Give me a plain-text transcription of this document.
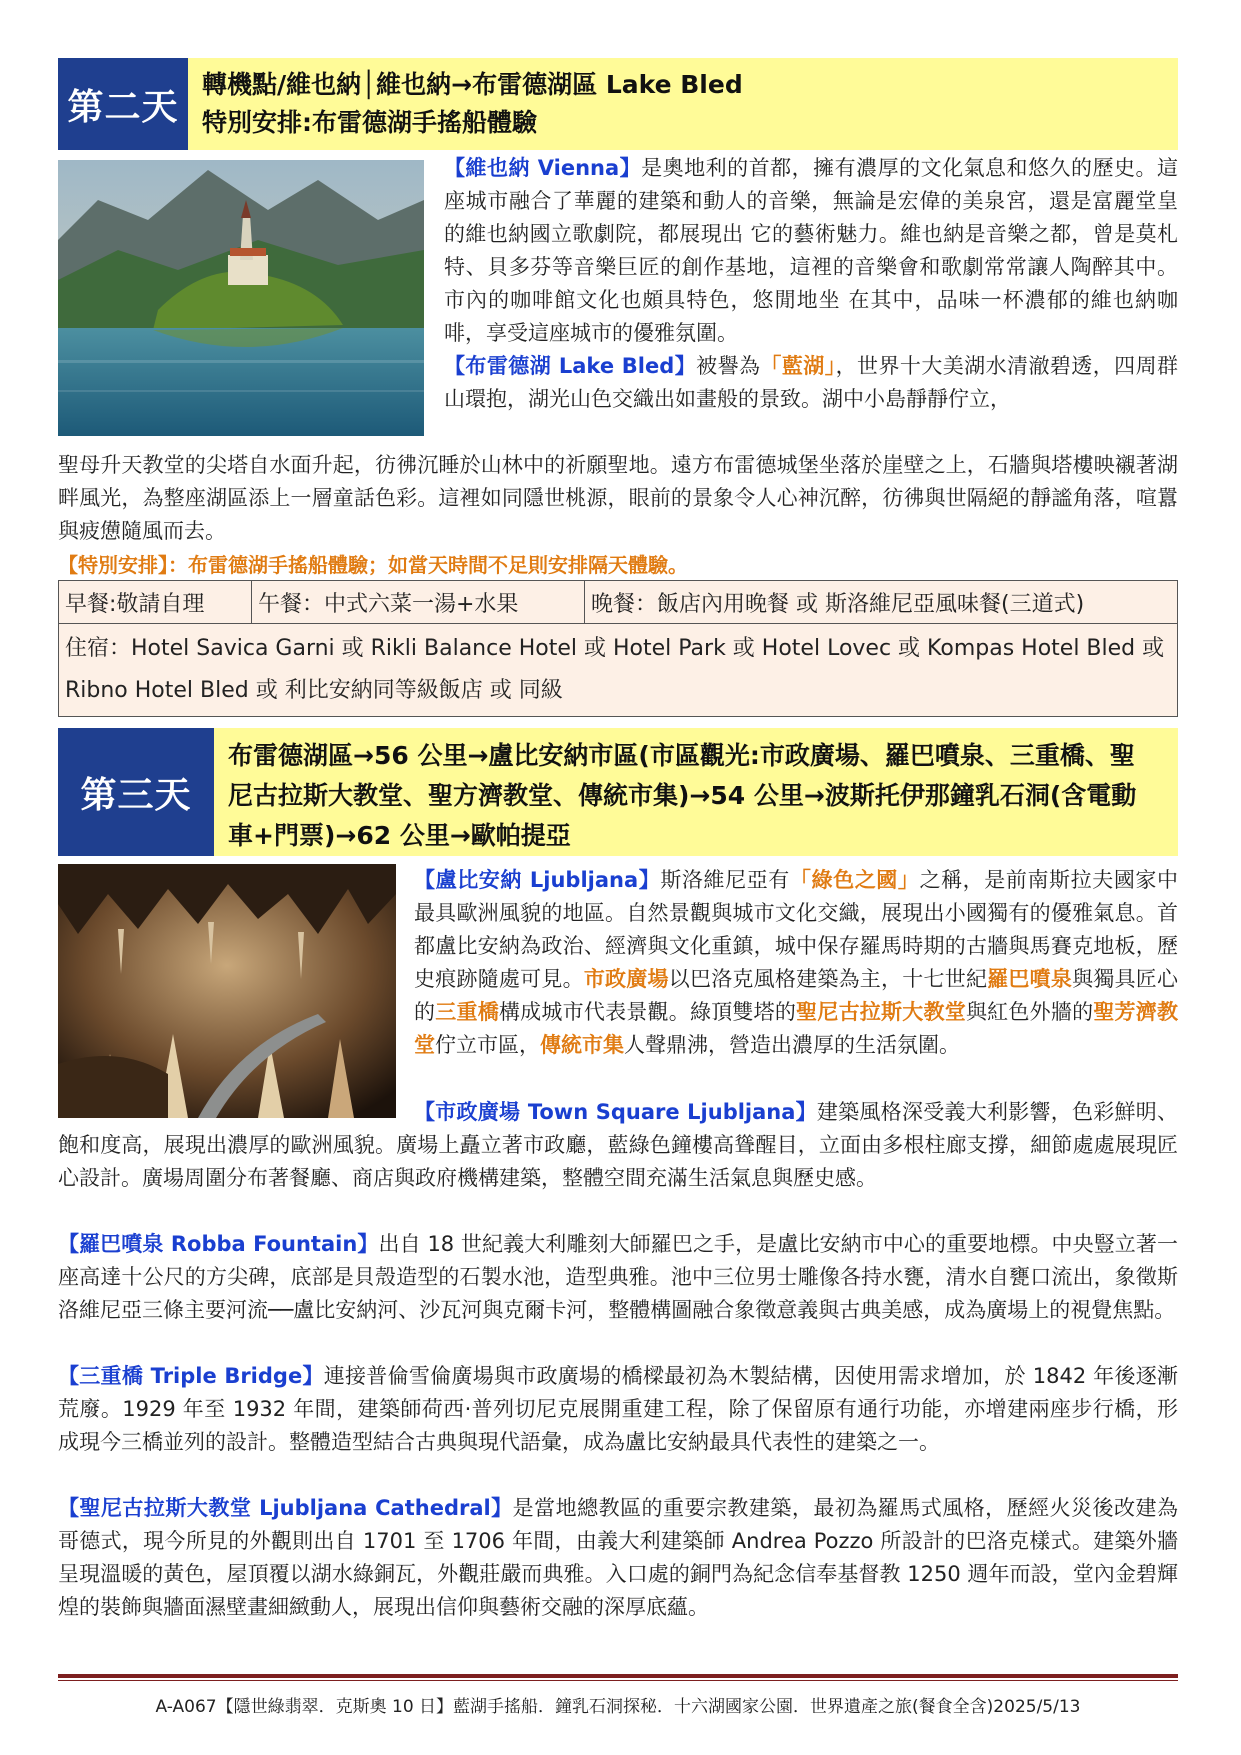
第二天
轉機點/維也納│維也納→布雷德湖區 Lake Bled
特別安排:布雷德湖手搖船體驗
【維也納 Vienna】是奧地利的首都，擁有濃厚的文化氣息和悠久的歷史。這座城市融合了華麗的建築和動人的音樂，無論是宏偉的美泉宮，還是富麗堂皇的維也納國立歌劇院，都展現出 它的藝術魅力。維也納是音樂之都，曾是莫札特、貝多芬等音樂巨匠的創作基地，這裡的音樂會和歌劇常常讓人陶醉其中。市內的咖啡館文化也頗具特色，悠閒地坐 在其中，品味一杯濃郁的維也納咖啡，享受這座城市的優雅氛圍。
【布雷德湖 Lake Bled】被譽為「藍湖」，世界十大美湖水清澈碧透，四周群山環抱，湖光山色交織出如畫般的景致。湖中小島靜靜佇立，
聖母升天教堂的尖塔自水面升起，彷彿沉睡於山林中的祈願聖地。遠方布雷德城堡坐落於崖壁之上，石牆與塔樓映襯著湖畔風光，為整座湖區添上一層童話色彩。這裡如同隱世桃源，眼前的景象令人心神沉醉，彷彿與世隔絕的靜謐角落，喧囂與疲憊隨風而去。
【特別安排】：布雷德湖手搖船體驗；如當天時間不足則安排隔天體驗。
早餐:敬請自理	午餐：中式六菜一湯+水果	晚餐：飯店內用晚餐 或 斯洛維尼亞風味餐(三道式)
住宿：Hotel Savica Garni 或 Rikli Balance Hotel 或 Hotel Park 或 Hotel Lovec 或 Kompas Hotel Bled 或 Ribno Hotel Bled 或 利比安納同等級飯店 或 同級
第三天
布雷德湖區→56 公里→盧比安納市區(市區觀光:市政廣場、羅巴噴泉、三重橋、聖尼古拉斯大教堂、聖方濟教堂、傳統市集)→54 公里→波斯托伊那鐘乳石洞(含電動車+門票)→62 公里→歐帕提亞
【盧比安納 Ljubljana】斯洛維尼亞有「綠色之國」之稱，是前南斯拉夫國家中最具歐洲風貌的地區。自然景觀與城市文化交織，展現出小國獨有的優雅氣息。首都盧比安納為政治、經濟與文化重鎮，城中保存羅馬時期的古牆與馬賽克地板，歷史痕跡隨處可見。市政廣場以巴洛克風格建築為主，十七世紀羅巴噴泉與獨具匠心的三重橋構成城市代表景觀。綠頂雙塔的聖尼古拉斯大教堂與紅色外牆的聖芳濟教堂佇立市區，傳統市集人聲鼎沸，營造出濃厚的生活氛圍。
【市政廣場 Town Square Ljubljana】建築風格深受義大利影響，色彩鮮明、飽和度高，展現出濃厚的歐洲風貌。廣場上矗立著市政廳，藍綠色鐘樓高聳醒目，立面由多根柱廊支撐，細節處處展現匠心設計。廣場周圍分布著餐廳、商店與政府機構建築，整體空間充滿生活氣息與歷史感。
【羅巴噴泉 Robba Fountain】出自 18 世紀義大利雕刻大師羅巴之手，是盧比安納市中心的重要地標。中央豎立著一座高達十公尺的方尖碑，底部是貝殼造型的石製水池，造型典雅。池中三位男士雕像各持水甕，清水自甕口流出，象徵斯洛維尼亞三條主要河流──盧比安納河、沙瓦河與克爾卡河，整體構圖融合象徵意義與古典美感，成為廣場上的視覺焦點。
【三重橋 Triple Bridge】連接普倫雪倫廣場與市政廣場的橋樑最初為木製結構，因使用需求增加，於 1842 年後逐漸荒廢。1929 年至 1932 年間，建築師荷西·普列切尼克展開重建工程，除了保留原有通行功能，亦增建兩座步行橋，形成現今三橋並列的設計。整體造型結合古典與現代語彙，成為盧比安納最具代表性的建築之一。
【聖尼古拉斯大教堂 Ljubljana Cathedral】是當地總教區的重要宗教建築，最初為羅馬式風格，歷經火災後改建為哥德式，現今所見的外觀則出自 1701 至 1706 年間，由義大利建築師 Andrea Pozzo 所設計的巴洛克樣式。建築外牆呈現溫暖的黃色，屋頂覆以湖水綠銅瓦，外觀莊嚴而典雅。入口處的銅門為紀念信奉基督教 1250 週年而設，堂內金碧輝煌的裝飾與牆面濕壁畫細緻動人，展現出信仰與藝術交融的深厚底蘊。
A-A067【隱世綠翡翠．克斯奧 10 日】藍湖手搖船．鐘乳石洞探秘．十六湖國家公園．世界遺產之旅(餐食全含)2025/5/13
